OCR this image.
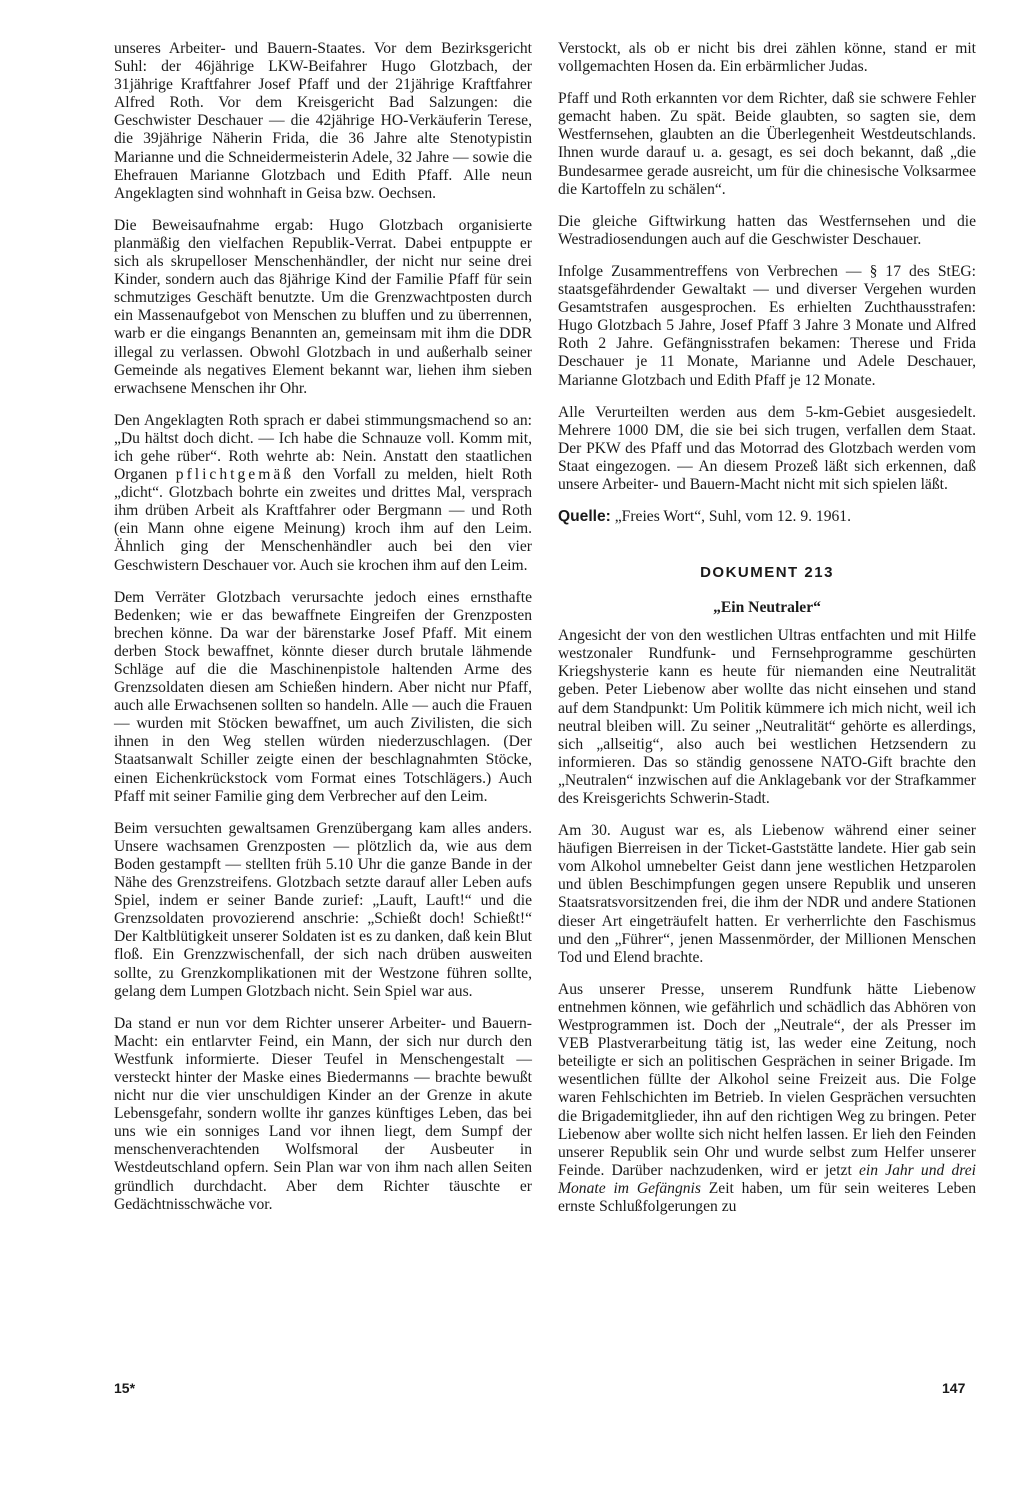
unseres Arbeiter- und Bauern-Staates. Vor dem Bezirksgericht Suhl: der 46jährige LKW-Beifahrer Hugo Glotzbach, der 31jährige Kraftfahrer Josef Pfaff und der 21jährige Kraftfahrer Alfred Roth. Vor dem Kreisgericht Bad Salzungen: die Geschwister Deschauer — die 42jährige HO-Verkäuferin Terese, die 39jährige Näherin Frida, die 36 Jahre alte Stenotypistin Marianne und die Schneidermeisterin Adele, 32 Jahre — sowie die Ehefrauen Marianne Glotzbach und Edith Pfaff. Alle neun Angeklagten sind wohnhaft in Geisa bzw. Oechsen.

Die Beweisaufnahme ergab: Hugo Glotzbach organisierte planmäßig den vielfachen Republik-Verrat. Dabei entpuppte er sich als skrupelloser Menschenhändler, der nicht nur seine drei Kinder, sondern auch das 8jährige Kind der Familie Pfaff für sein schmutziges Geschäft benutzte. Um die Grenzwachtposten durch ein Massenaufgebot von Menschen zu bluffen und zu überrennen, warb er die eingangs Benannten an, gemeinsam mit ihm die DDR illegal zu verlassen. Obwohl Glotzbach in und außerhalb seiner Gemeinde als negatives Element bekannt war, liehen ihm sieben erwachsene Menschen ihr Ohr.

Den Angeklagten Roth sprach er dabei stimmungsmachend so an: „Du hältst doch dicht. — Ich habe die Schnauze voll. Komm mit, ich gehe rüber“. Roth wehrte ab: Nein. Anstatt den staatlichen Organen pflichtgemäß den Vorfall zu melden, hielt Roth „dicht“. Glotzbach bohrte ein zweites und drittes Mal, versprach ihm drüben Arbeit als Kraftfahrer oder Bergmann — und Roth (ein Mann ohne eigene Meinung) kroch ihm auf den Leim. Ähnlich ging der Menschenhändler auch bei den vier Geschwistern Deschauer vor. Auch sie krochen ihm auf den Leim.

Dem Verräter Glotzbach verursachte jedoch eines ernsthafte Bedenken; wie er das bewaffnete Eingreifen der Grenzposten brechen könne. Da war der bärenstarke Josef Pfaff. Mit einem derben Stock bewaffnet, könnte dieser durch brutale lähmende Schläge auf die die Maschinenpistole haltenden Arme des Grenzsoldaten diesen am Schießen hindern. Aber nicht nur Pfaff, auch alle Erwachsenen sollten so handeln. Alle — auch die Frauen — wurden mit Stöcken bewaffnet, um auch Zivilisten, die sich ihnen in den Weg stellen würden niederzuschlagen. (Der Staatsanwalt Schiller zeigte einen der beschlagnahmten Stöcke, einen Eichenkrückstock vom Format eines Totschlägers.) Auch Pfaff mit seiner Familie ging dem Verbrecher auf den Leim.

Beim versuchten gewaltsamen Grenzübergang kam alles anders. Unsere wachsamen Grenzposten — plötzlich da, wie aus dem Boden gestampft — stellten früh 5.10 Uhr die ganze Bande in der Nähe des Grenzstreifens. Glotzbach setzte darauf aller Leben aufs Spiel, indem er seiner Bande zurief: „Lauft, Lauft!“ und die Grenzsoldaten provozierend anschrie: „Schießt doch! Schießt!“ Der Kaltblütigkeit unserer Soldaten ist es zu danken, daß kein Blut floß. Ein Grenzzwischenfall, der sich nach drüben ausweiten sollte, zu Grenzkomplikationen mit der Westzone führen sollte, gelang dem Lumpen Glotzbach nicht. Sein Spiel war aus.

Da stand er nun vor dem Richter unserer Arbeiter- und Bauern-Macht: ein entlarvter Feind, ein Mann, der sich nur durch den Westfunk informierte. Dieser Teufel in Menschengestalt — versteckt hinter der Maske eines Biedermanns — brachte bewußt nicht nur die vier unschuldigen Kinder an der Grenze in akute Lebensgefahr, sondern wollte ihr ganzes künftiges Leben, das bei uns wie ein sonniges Land vor ihnen liegt, dem Sumpf der menschenverachtenden Wolfsmoral der Ausbeuter in Westdeutschland opfern. Sein Plan war von ihm nach allen Seiten gründlich durchdacht. Aber dem Richter täuschte er Gedächtnisschwäche vor.

Verstockt, als ob er nicht bis drei zählen könne, stand er mit vollgemachten Hosen da. Ein erbärmlicher Judas.

Pfaff und Roth erkannten vor dem Richter, daß sie schwere Fehler gemacht haben. Zu spät. Beide glaubten, so sagten sie, dem Westfernsehen, glaubten an die Überlegenheit Westdeutschlands. Ihnen wurde darauf u. a. gesagt, es sei doch bekannt, daß „die Bundesarmee gerade ausreicht, um für die chinesische Volksarmee die Kartoffeln zu schälen“.

Die gleiche Giftwirkung hatten das Westfernsehen und die Westradiosendungen auch auf die Geschwister Deschauer.

Infolge Zusammentreffens von Verbrechen — § 17 des StEG: staatsgefährdender Gewaltakt — und diverser Vergehen wurden Gesamtstrafen ausgesprochen. Es erhielten Zuchthausstrafen: Hugo Glotzbach 5 Jahre, Josef Pfaff 3 Jahre 3 Monate und Alfred Roth 2 Jahre. Gefängnisstrafen bekamen: Therese und Frida Deschauer je 11 Monate, Marianne und Adele Deschauer, Marianne Glotzbach und Edith Pfaff je 12 Monate.

Alle Verurteilten werden aus dem 5-km-Gebiet ausgesiedelt. Mehrere 1000 DM, die sie bei sich trugen, verfallen dem Staat. Der PKW des Pfaff und das Motorrad des Glotzbach werden vom Staat eingezogen. — An diesem Prozeß läßt sich erkennen, daß unsere Arbeiter- und Bauern-Macht nicht mit sich spielen läßt.

Quelle: „Freies Wort“, Suhl, vom 12. 9. 1961.

DOKUMENT 213
„Ein Neutraler“

Angesicht der von den westlichen Ultras entfachten und mit Hilfe westzonaler Rundfunk- und Fernsehprogramme geschürten Kriegshysterie kann es heute für niemanden eine Neutralität geben. Peter Liebenow aber wollte das nicht einsehen und stand auf dem Standpunkt: Um Politik kümmere ich mich nicht, weil ich neutral bleiben will. Zu seiner „Neutralität“ gehörte es allerdings, sich „allseitig“, also auch bei westlichen Hetzsendern zu informieren. Das so ständig genossene NATO-Gift brachte den „Neutralen“ inzwischen auf die Anklagebank vor der Strafkammer des Kreisgerichts Schwerin-Stadt.

Am 30. August war es, als Liebenow während einer seiner häufigen Bierreisen in der Ticket-Gaststätte landete. Hier gab sein vom Alkohol umnebelter Geist dann jene westlichen Hetzparolen und üblen Beschimpfungen gegen unsere Republik und unseren Staatsratsvorsitzenden frei, die ihm der NDR und andere Stationen dieser Art eingeträufelt hatten. Er verherrlichte den Faschismus und den „Führer“, jenen Massenmörder, der Millionen Menschen Tod und Elend brachte.

Aus unserer Presse, unserem Rundfunk hätte Liebenow entnehmen können, wie gefährlich und schädlich das Abhören von Westprogrammen ist. Doch der „Neutrale“, der als Presser im VEB Plastverarbeitung tätig ist, las weder eine Zeitung, noch beteiligte er sich an politischen Gesprächen in seiner Brigade. Im wesentlichen füllte der Alkohol seine Freizeit aus. Die Folge waren Fehlschichten im Betrieb. In vielen Gesprächen versuchten die Brigademitglieder, ihn auf den richtigen Weg zu bringen. Peter Liebenow aber wollte sich nicht helfen lassen. Er lieh den Feinden unserer Republik sein Ohr und wurde selbst zum Helfer unserer Feinde. Darüber nachzudenken, wird er jetzt ein Jahr und drei Monate im Gefängnis Zeit haben, um für sein weiteres Leben ernste Schlußfolgerungen zu

15*	147
